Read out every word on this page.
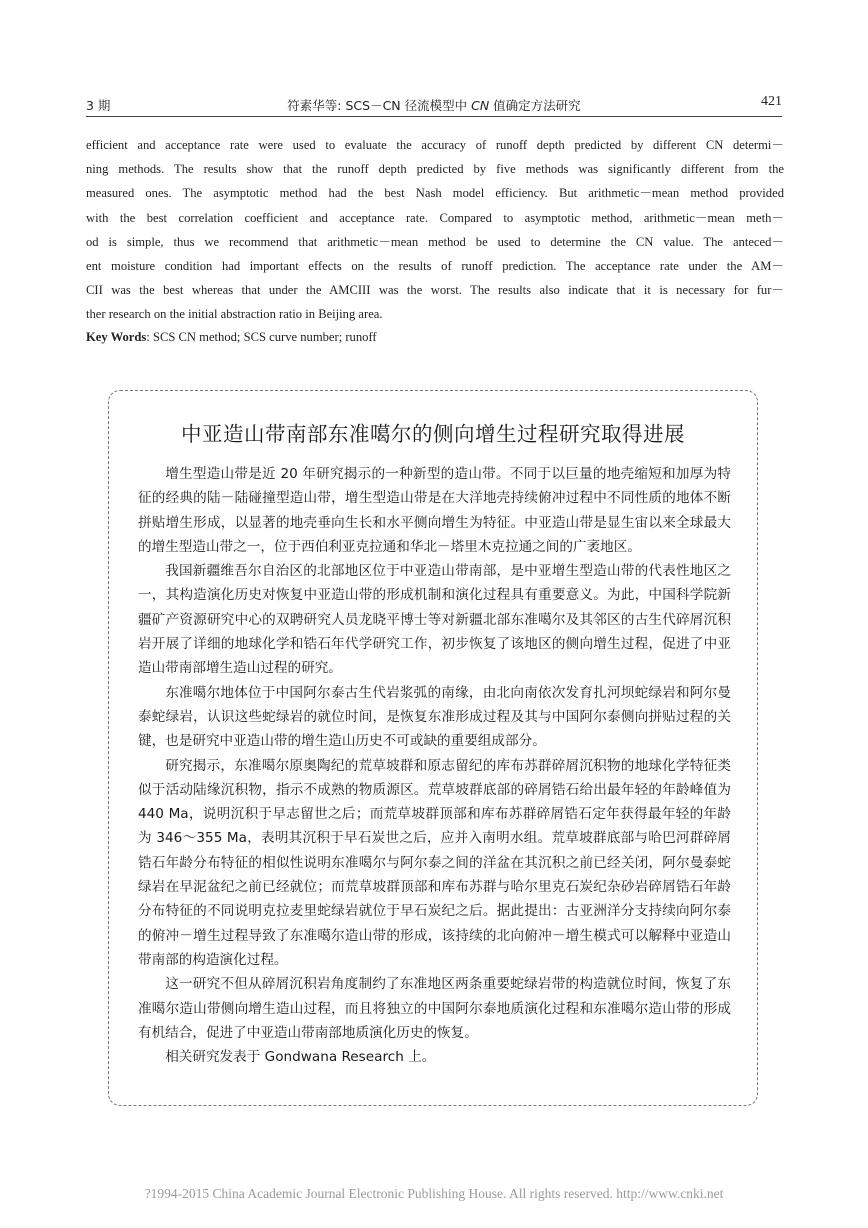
3 期	符素华等: SCS－CN 径流模型中 CN 值确定方法研究	421
efficient and acceptance rate were used to evaluate the accuracy of runoff depth predicted by different CN determi－
ning methods. The results show that the runoff depth predicted by five methods was significantly different from the
measured ones. The asymptotic method had the best Nash model efficiency. But arithmetic－mean method provided
with the best correlation coefficient and acceptance rate. Compared to asymptotic method, arithmetic－mean meth－
od is simple, thus we recommend that arithmetic－mean method be used to determine the CN value. The anteced－
ent moisture condition had important effects on the results of runoff prediction. The acceptance rate under the AM－
CII was the best whereas that under the AMCIII was the worst. The results also indicate that it is necessary for fur－
ther research on the initial abstraction ratio in Beijing area.
Key Words: SCS CN method; SCS curve number; runoff
中亚造山带南部东准噶尔的侧向增生过程研究取得进展

增生型造山带是近 20 年研究揭示的一种新型的造山带。不同于以巨量的地壳缩短和加厚为特征的经典的陆－陆碰撞型造山带，增生型造山带是在大洋地壳持续俯冲过程中不同性质的地体不断拼贴增生形成，以显著的地壳垂向生长和水平侧向增生为特征。中亚造山带是显生宙以来全球最大的增生型造山带之一，位于西伯利亚克拉通和华北－塔里木克拉通之间的广袤地区。

我国新疆维吾尔自治区的北部地区位于中亚造山带南部，是中亚增生型造山带的代表性地区之一，其构造演化历史对恢复中亚造山带的形成机制和演化过程具有重要意义。为此，中国科学院新疆矿产资源研究中心的双聘研究人员龙晓平博士等对新疆北部东准噶尔及其邻区的古生代碎屑沉积岩开展了详细的地球化学和锆石年代学研究工作，初步恢复了该地区的侧向增生过程，促进了中亚造山带南部增生造山过程的研究。

东准噶尔地体位于中国阿尔泰古生代岩浆弧的南缘，由北向南依次发育扎河坝蛇绿岩和阿尔曼泰蛇绿岩，认识这些蛇绿岩的就位时间，是恢复东准形成过程及其与中国阿尔泰侧向拼贴过程的关键，也是研究中亚造山带的增生造山历史不可或缺的重要组成部分。

研究揭示，东准噶尔原奥陶纪的荒草坡群和原志留纪的库布苏群碎屑沉积物的地球化学特征类似于活动陆缘沉积物，指示不成熟的物质源区。荒草坡群底部的碎屑锆石给出最年轻的年龄峰值为 440 Ma，说明沉积于早志留世之后；而荒草坡群顶部和库布苏群碎屑锆石定年获得最年轻的年龄为 346～355 Ma，表明其沉积于早石炭世之后，应并入南明水组。荒草坡群底部与哈巴河群碎屑锆石年龄分布特征的相似性说明东准噶尔与阿尔泰之间的洋盆在其沉积之前已经关闭，阿尔曼泰蛇绿岩在早泥盆纪之前已经就位；而荒草坡群顶部和库布苏群与哈尔里克石炭纪杂砂岩碎屑锆石年龄分布特征的不同说明克拉麦里蛇绿岩就位于早石炭纪之后。据此提出：古亚洲洋分支持续向阿尔泰的俯冲－增生过程导致了东准噶尔造山带的形成，该持续的北向俯冲－增生模式可以解释中亚造山带南部的构造演化过程。

这一研究不但从碎屑沉积岩角度制约了东准地区两条重要蛇绿岩带的构造就位时间，恢复了东准噶尔造山带侧向增生造山过程，而且将独立的中国阿尔泰地质演化过程和东准噶尔造山带的形成有机结合，促进了中亚造山带南部地质演化历史的恢复。

相关研究发表于 Gondwana Research 上。

?1994-2015 China Academic Journal Electronic Publishing House. All rights reserved. http://www.cnki.net
